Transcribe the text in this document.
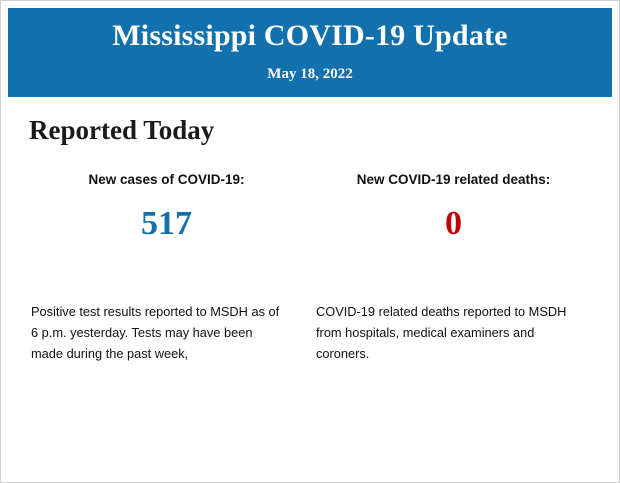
Mississippi COVID-19 Update

May 18, 2022

Reported Today

New cases of COVID-19:

517

New COVID-19 related deaths:

0

Positive test results reported to MSDH as of 6 p.m. yesterday. Tests may have been made during the past week,

COVID-19 related deaths reported to MSDH from hospitals, medical examiners and coroners.
